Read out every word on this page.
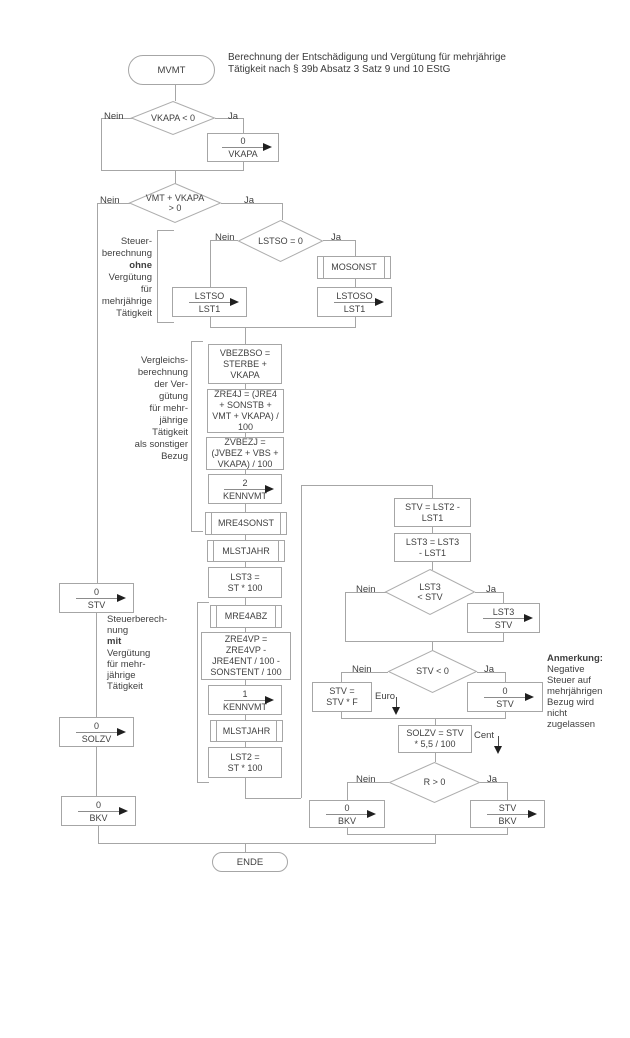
Berechnung der Entschädigung und Vergütung für mehrjährige
Tätigkeit nach § 39b Absatz 3 Satz 9 und 10 EStG
MVMT
VKAPA < 0
VMT + VKAPA
> 0
LSTSO = 0
LST3
< STV
STV < 0
R > 0
Nein	Ja
Nein	Ja
Nein	Ja
Nein	Ja
Nein	Ja
Nein	Ja
0
VKAPA
LSTSO
LST1
LSTOSO
LST1
2
KENNVMT
1
KENNVMT
0
STV
0
SOLZV
0
BKV
LST3
STV
0
STV
0
BKV
STV
BKV
MOSONST
MRE4SONST
MLSTJAHR
MRE4ABZ
MLSTJAHR
VBEZBSO =
STERBE +
VKAPA
ZRE4J = (JRE4
+ SONSTB +
VMT + VKAPA) /
100
ZVBEZJ =
(JVBEZ + VBS +
VKAPA) / 100
LST3 =
ST * 100
ZRE4VP =
ZRE4VP -
JRE4ENT / 100 -
SONSTENT / 100
LST2 =
ST * 100
STV = LST2 -
LST1
LST3 = LST3
- LST1
STV =
STV * F
SOLZV = STV
* 5,5 / 100
Steuer-
berechnung
ohne
Vergütung
für
mehrjährige
Tätigkeit
Vergleichs-
berechnung
der Ver-
gütung
für mehr-
jährige
Tätigkeit
als sonstiger
Bezug
Steuerberech-
nung
mit
Vergütung
für mehr-
jährige
Tätigkeit
Anmerkung:
Negative
Steuer auf
mehrjährigen
Bezug wird
nicht
zugelassen
Euro
Cent
ENDE
